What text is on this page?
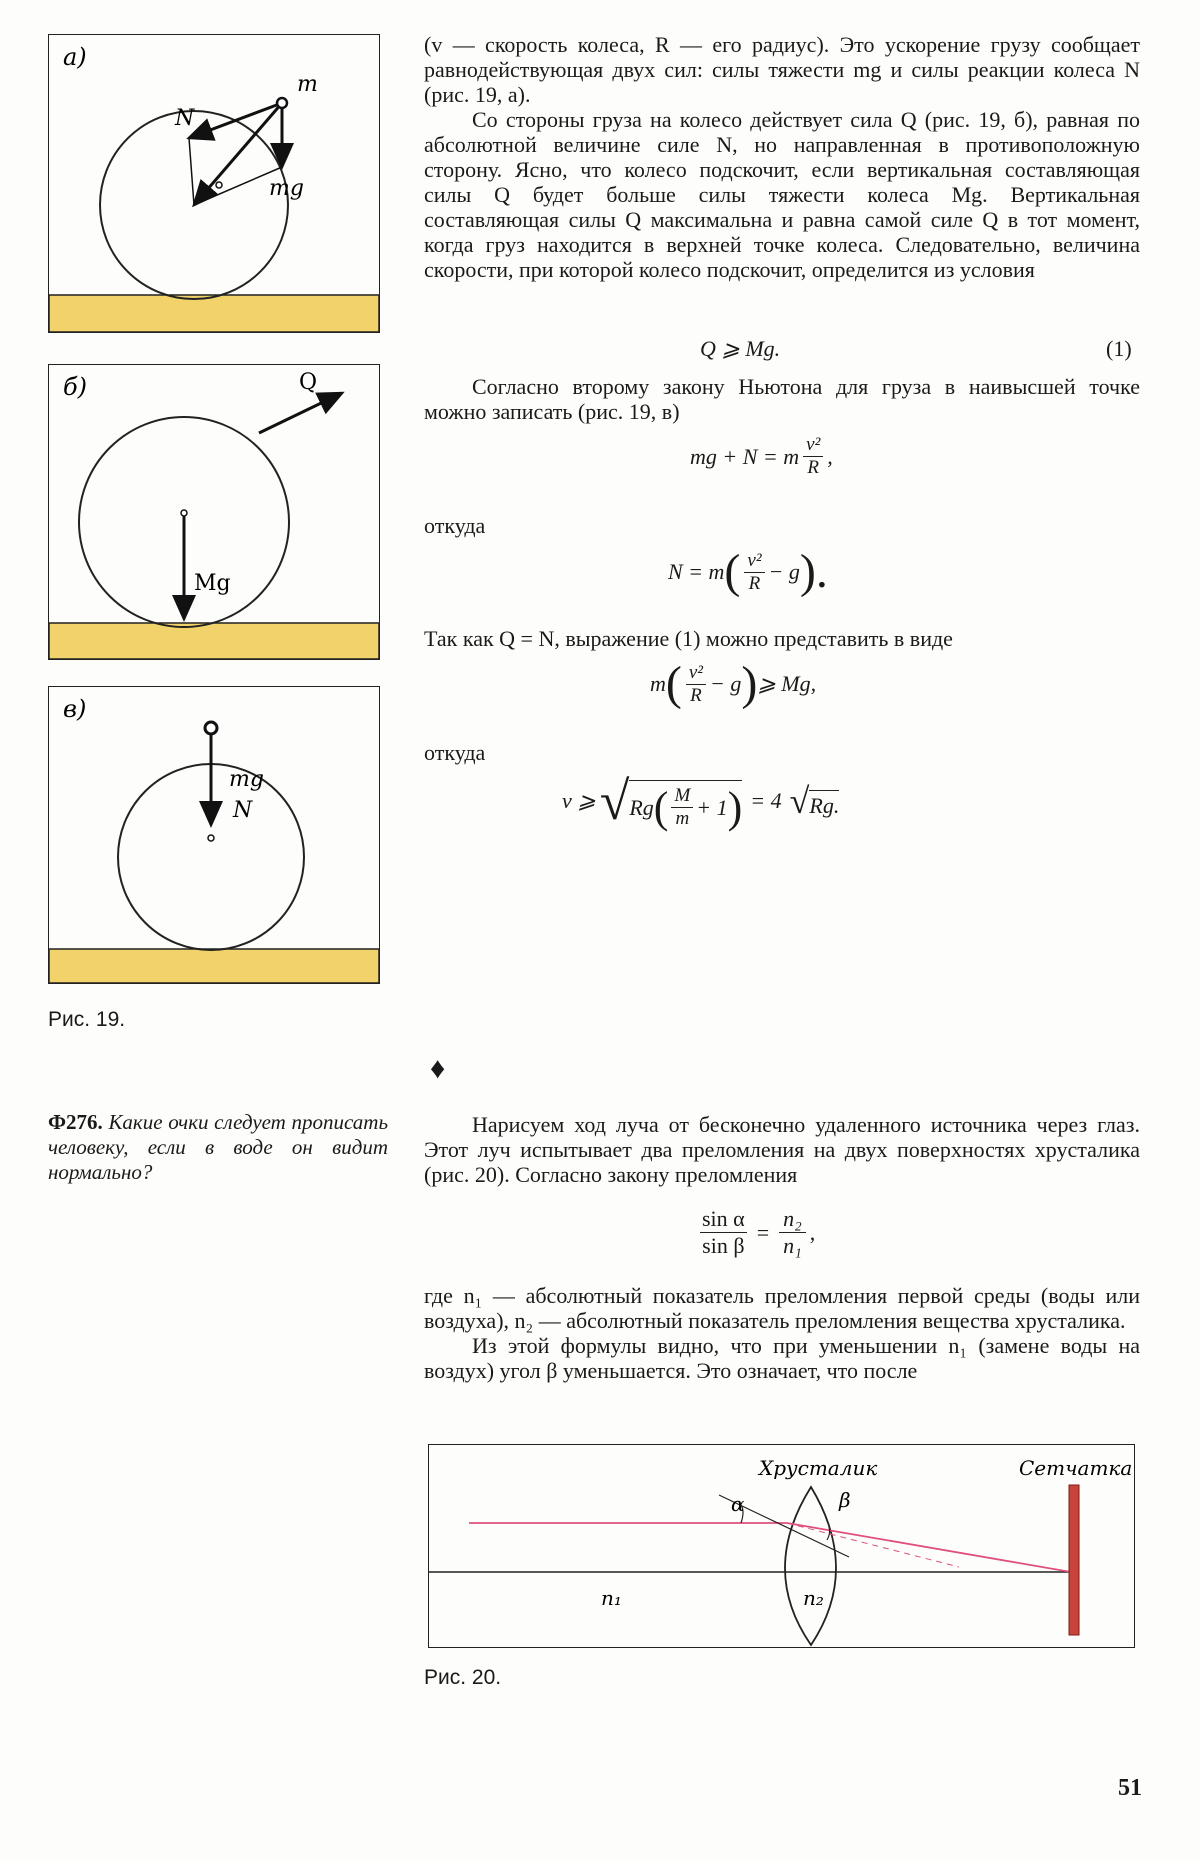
а)
m
N
mg
б)	Q
Mg
в)
mg
N
Рис. 19.

(v — скорость колеса, R — его радиус). Это ускорение грузу сообщает равнодействующая двух сил: силы тяжести mg и силы реакции колеса N (рис. 19, а).

Со стороны груза на колесо действует сила Q (рис. 19, б), равная по абсолютной величине силе N, но направленная в противоположную сторону. Ясно, что колесо подскочит, если вертикальная составляющая силы Q будет больше силы тяжести колеса Mg. Вертикальная составляющая силы Q максимальна и равна самой силе Q в тот момент, когда груз находится в верхней точке колеса. Следовательно, величина скорости, при которой колесо подскочит, определится из условия

Q ⩾ Mg.	(1)
Согласно второму закону Ньютона для груза в наивысшей точке можно записать (рис. 19, в)
mg + N = m $\frac{\text{v²}}{R}$ ,
откуда
N = m ( $\frac{\text{v²}}{R} - g$ ).
Так как Q = N, выражение (1) можно представить в виде
m ( $\frac{\text{v²}}{R} - g$ ) ⩾ Mg,
откуда
v ⩾ √ Rg ( $\frac{M}{m} + 1$ ) = 4 √ Rg.
♦
Ф276. Какие очки следует прописать человеку, если в воде он видит нормально?
Нарисуем ход луча от бесконечно удаленного источника через глаз. Этот луч испытывает два преломления на двух поверхностях хрусталика (рис. 20). Согласно закону преломления
$\frac{\text{sin α}}{\text{sin β}} = \frac{\text{n₂}}{\text{n₁}}$ ,

где n₁ — абсолютный показатель преломления первой среды (воды или воздуха), n₂ — абсолютный показатель преломления вещества хрусталика.

Из этой формулы видно, что при уменьшении n₁ (замене воды на воздух) угол β уменьшается. Это означает, что после

Хрусталик	Сетчатка
α	β
n₁	n₂
Рис. 20.
51
